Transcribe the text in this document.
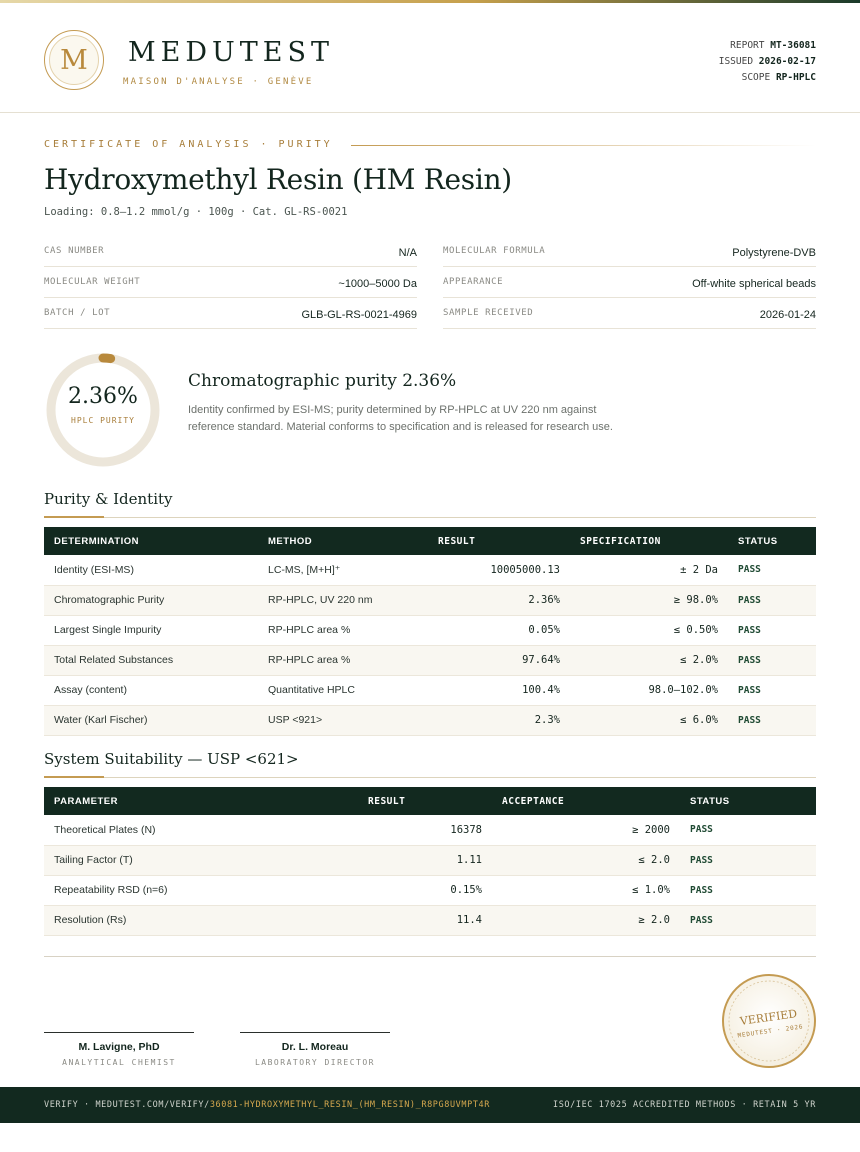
M MEDUTEST
MAISON D'ANALYSE · GENÈVE
REPORT MT-36081
ISSUED 2026-02-17
SCOPE RP-HPLC
CERTIFICATE OF ANALYSIS · PURITY
Hydroxymethyl Resin (HM Resin)
Loading: 0.8–1.2 mmol/g · 100g · Cat. GL-RS-0021
CAS NUMBER	N/A	MOLECULAR FORMULA	Polystyrene-DVB
MOLECULAR WEIGHT	~1000–5000 Da	APPEARANCE	Off-white spherical beads
BATCH / LOT	GLB-GL-RS-0021-4969	SAMPLE RECEIVED	2026-01-24
2.36%
HPLC PURITY
Chromatographic purity 2.36%
Identity confirmed by ESI-MS; purity determined by RP-HPLC at UV 220 nm against reference standard. Material conforms to specification and is released for research use.
Purity & Identity
DETERMINATION	METHOD	RESULT	SPECIFICATION	STATUS
Identity (ESI-MS)	LC-MS, [M+H]⁺	10005000.13	± 2 Da	PASS
Chromatographic Purity	RP-HPLC, UV 220 nm	2.36%	≥ 98.0%	PASS
Largest Single Impurity	RP-HPLC area %	0.05%	≤ 0.50%	PASS
Total Related Substances	RP-HPLC area %	97.64%	≤ 2.0%	PASS
Assay (content)	Quantitative HPLC	100.4%	98.0–102.0%	PASS
Water (Karl Fischer)	USP <921>	2.3%	≤ 6.0%	PASS
System Suitability — USP <621>
PARAMETER	RESULT	ACCEPTANCE	STATUS
Theoretical Plates (N)	16378	≥ 2000	PASS
Tailing Factor (T)	1.11	≤ 2.0	PASS
Repeatability RSD (n=6)	0.15%	≤ 1.0%	PASS
Resolution (Rs)	11.4	≥ 2.0	PASS
M. Lavigne, PhD
ANALYTICAL CHEMIST
Dr. L. Moreau
LABORATORY DIRECTOR
VERIFIED
MEDUTEST · 2026
VERIFY · MEDUTEST.COM/VERIFY/36081-HYDROXYMETHYL_RESIN_(HM_RESIN)_R8PG8UVMPT4R	ISO/IEC 17025 ACCREDITED METHODS · RETAIN 5 YR
